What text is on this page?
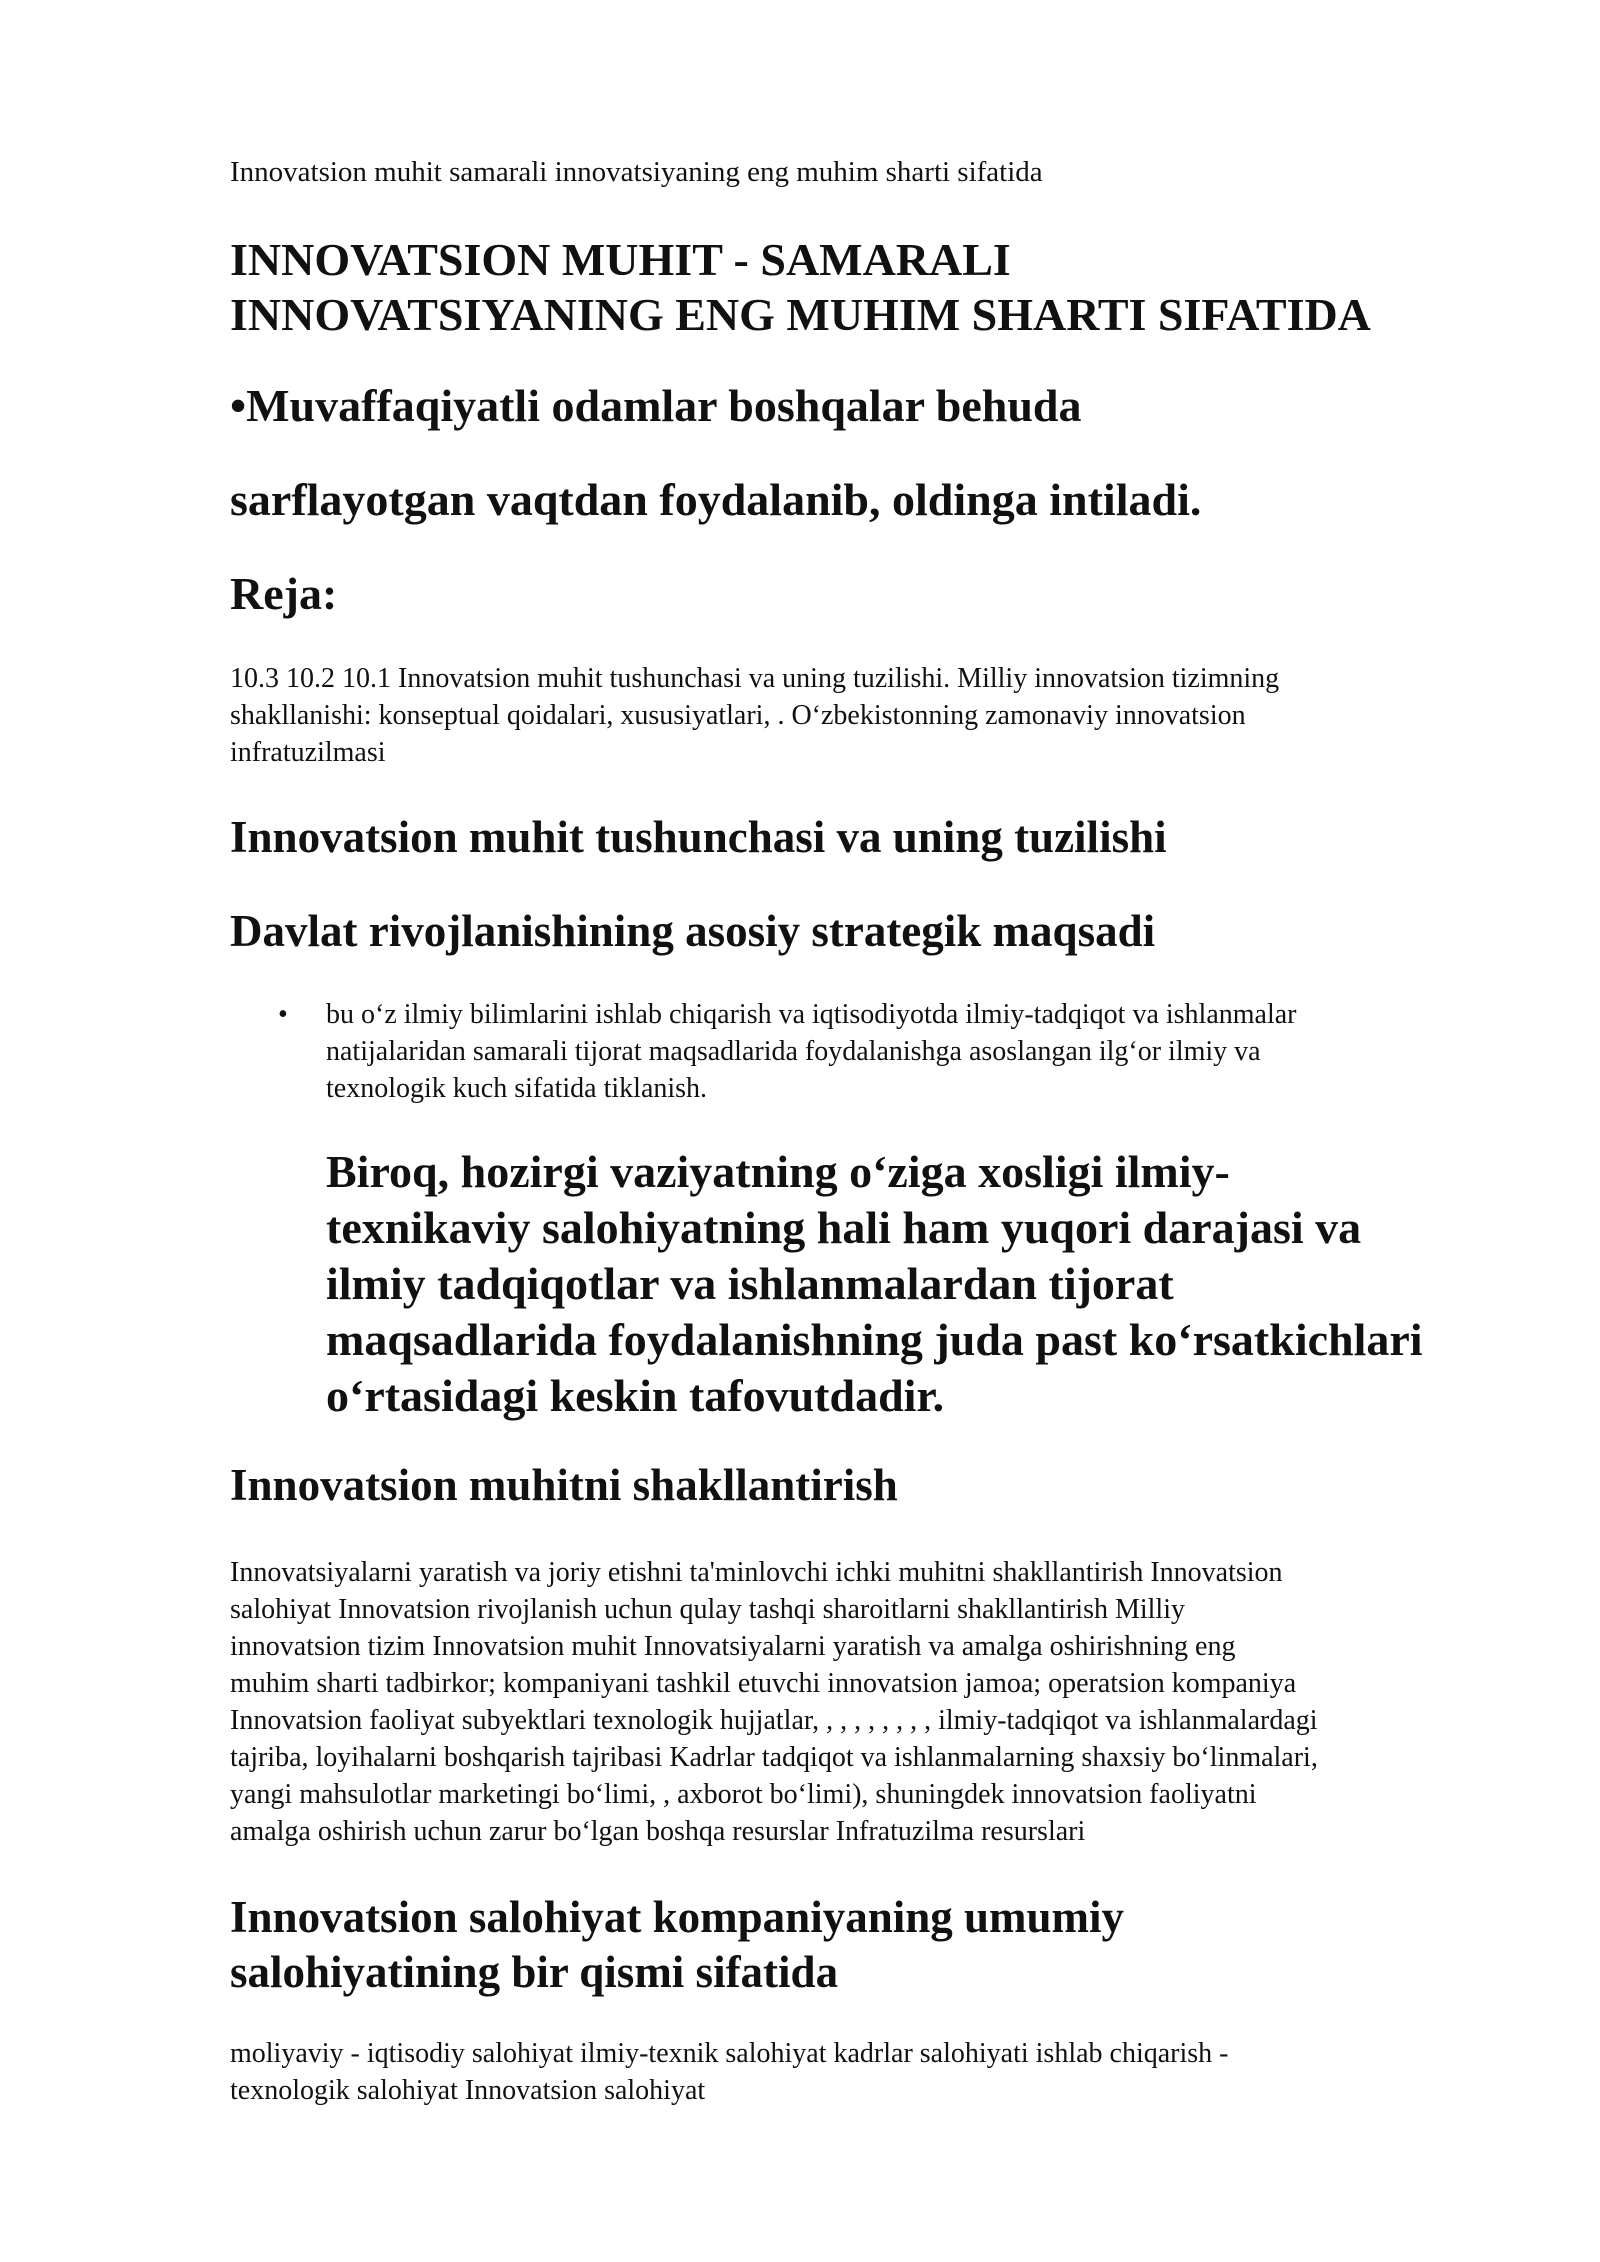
Innovatsion muhit samarali innovatsiyaning eng muhim sharti sifatida

INNOVATSION MUHIT - SAMARALI
INNOVATSIYANING ENG MUHIM SHARTI SIFATIDA

•Muvaffaqiyatli odamlar boshqalar behuda

sarflayotgan vaqtdan foydalanib, oldinga intiladi.

Reja:

10.3 10.2 10.1 Innovatsion muhit tushunchasi va uning tuzilishi. Milliy innovatsion tizimning
shakllanishi: konseptual qoidalari, xususiyatlari, . O‘zbekistonning zamonaviy innovatsion
infratuzilmasi

Innovatsion muhit tushunchasi va uning tuzilishi
Davlat rivojlanishining asosiy strategik maqsadi
• bu o‘z ilmiy bilimlarini ishlab chiqarish va iqtisodiyotda ilmiy-tadqiqot va ishlanmalar
natijalaridan samarali tijorat maqsadlarida foydalanishga asoslangan ilg‘or ilmiy va
texnologik kuch sifatida tiklanish.

Biroq, hozirgi vaziyatning o‘ziga xosligi ilmiy-
texnikaviy salohiyatning hali ham yuqori darajasi va
ilmiy tadqiqotlar va ishlanmalardan tijorat
maqsadlarida foydalanishning juda past ko‘rsatkichlari
o‘rtasidagi keskin tafovutdadir.

Innovatsion muhitni shakllantirish

Innovatsiyalarni yaratish va joriy etishni ta'minlovchi ichki muhitni shakllantirish Innovatsion
salohiyat Innovatsion rivojlanish uchun qulay tashqi sharoitlarni shakllantirish Milliy
innovatsion tizim Innovatsion muhit Innovatsiyalarni yaratish va amalga oshirishning eng
muhim sharti tadbirkor; kompaniyani tashkil etuvchi innovatsion jamoa; operatsion kompaniya
Innovatsion faoliyat subyektlari texnologik hujjatlar, , , , , , , , , ilmiy-tadqiqot va ishlanmalardagi
tajriba, loyihalarni boshqarish tajribasi Kadrlar tadqiqot va ishlanmalarning shaxsiy bo‘linmalari,
yangi mahsulotlar marketingi bo‘limi, , axborot bo‘limi), shuningdek innovatsion faoliyatni
amalga oshirish uchun zarur bo‘lgan boshqa resurslar Infratuzilma resurslari

Innovatsion salohiyat kompaniyaning umumiy
salohiyatining bir qismi sifatida

moliyaviy - iqtisodiy salohiyat ilmiy-texnik salohiyat kadrlar salohiyati ishlab chiqarish -
texnologik salohiyat Innovatsion salohiyat
